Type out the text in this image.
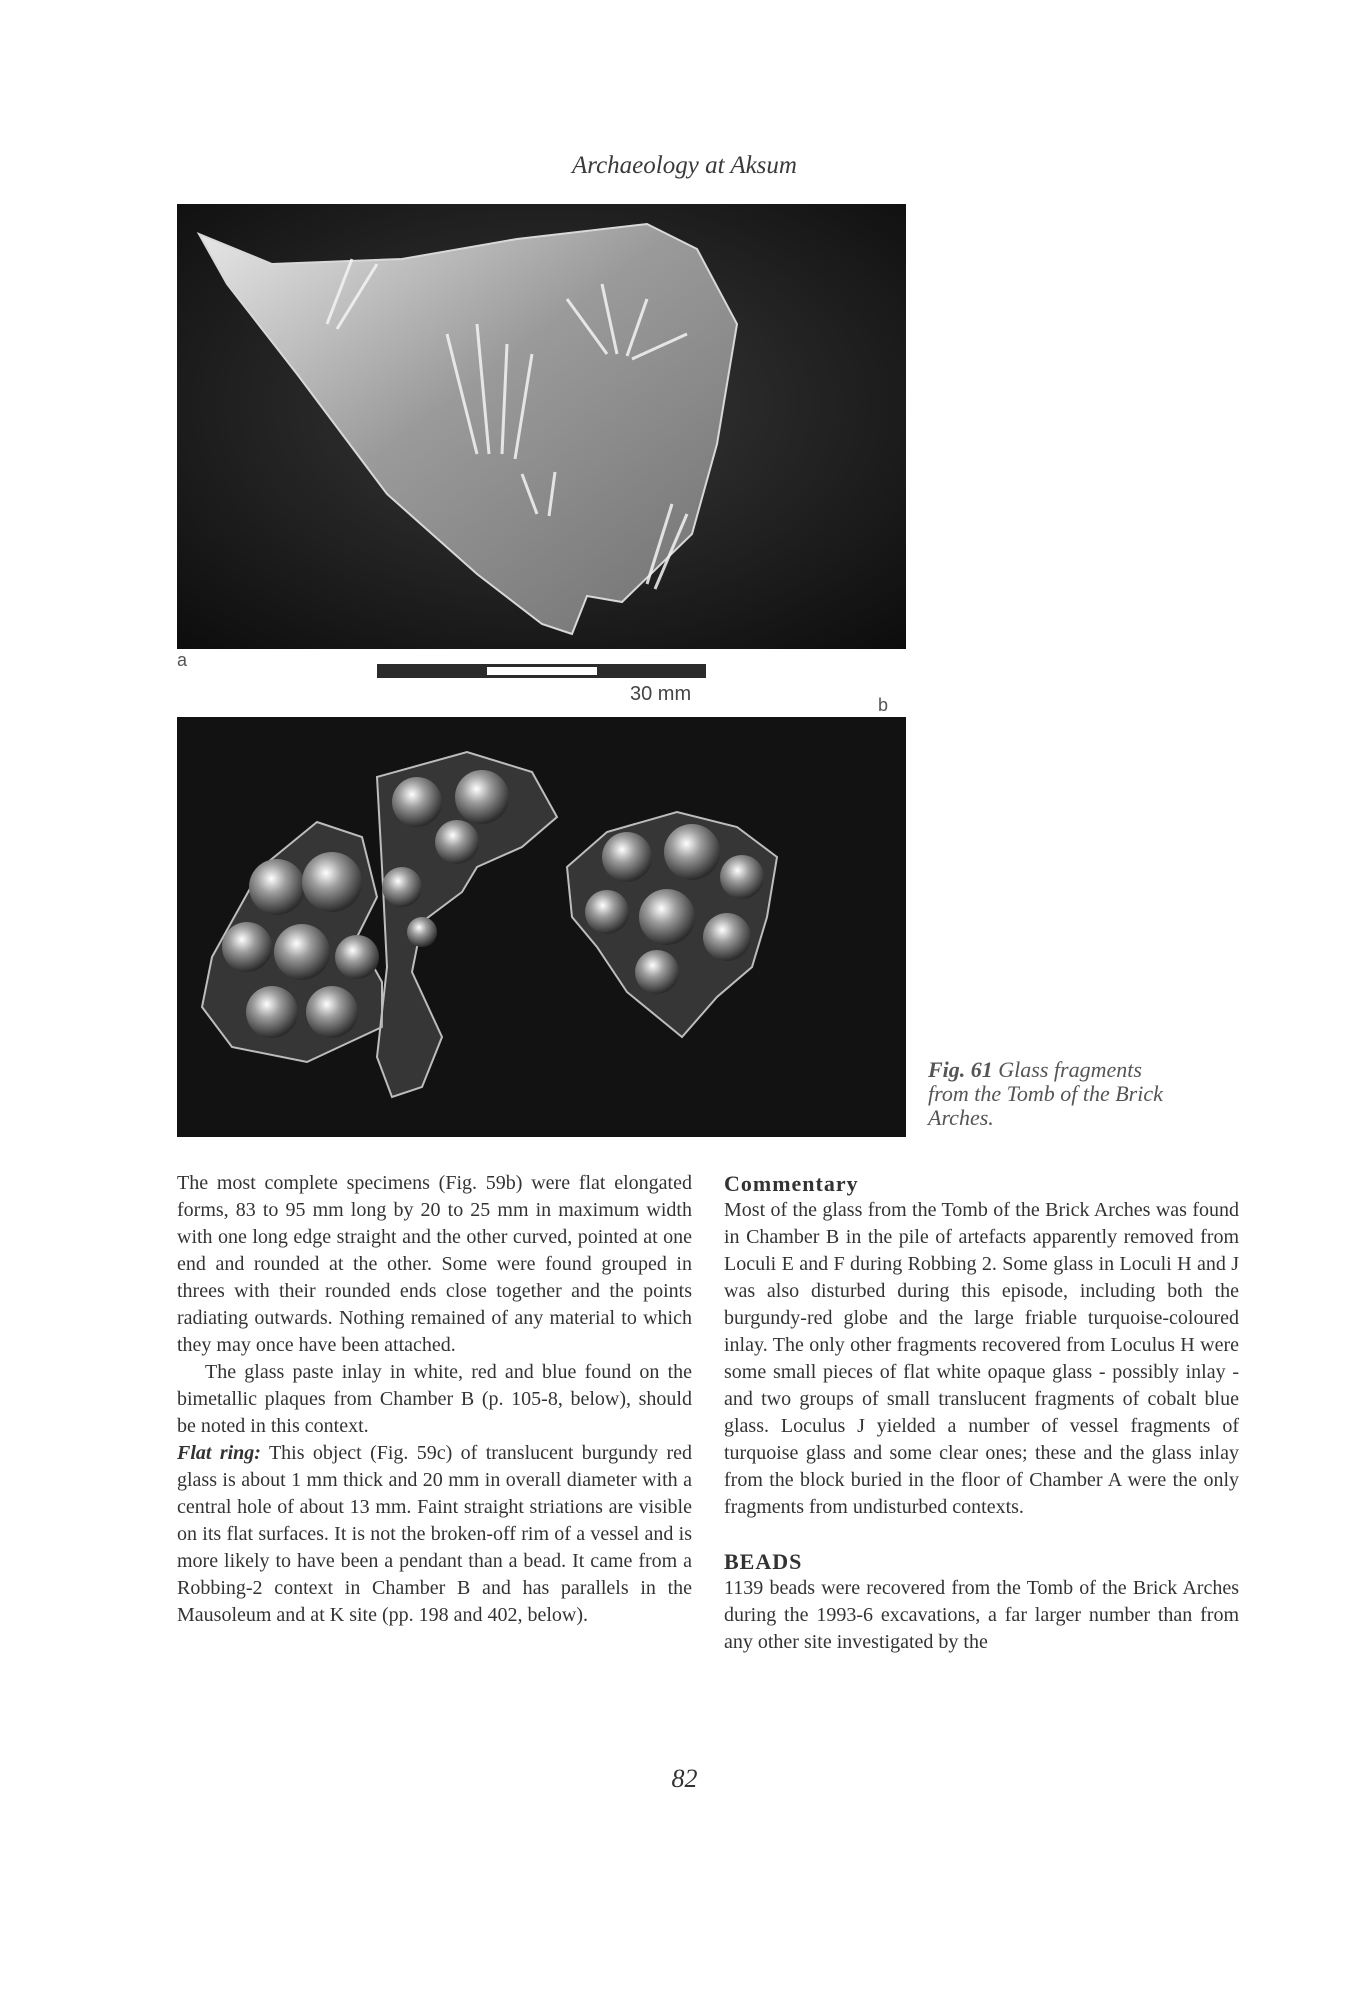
Archaeology at Aksum
a
30 mm	b
Fig. 61 Glass fragments from the Tomb of the Brick Arches.

The most complete specimens (Fig. 59b) were flat elongated forms, 83 to 95 mm long by 20 to 25 mm in maximum width with one long edge straight and the other curved, pointed at one end and rounded at the other. Some were found grouped in threes with their rounded ends close together and the points radiating outwards. Nothing remained of any material to which they may once have been attached.

The glass paste inlay in white, red and blue found on the bimetallic plaques from Chamber B (p. 105-8, below), should be noted in this context.

Flat ring: This object (Fig. 59c) of translucent burgundy red glass is about 1 mm thick and 20 mm in overall diameter with a central hole of about 13 mm. Faint straight striations are visible on its flat surfaces. It is not the broken-off rim of a vessel and is more likely to have been a pendant than a bead. It came from a Robbing-2 context in Chamber B and has parallels in the Mausoleum and at K site (pp. 198 and 402, below).

Commentary

Most of the glass from the Tomb of the Brick Arches was found in Chamber B in the pile of artefacts apparently removed from Loculi E and F during Robbing 2. Some glass in Loculi H and J was also disturbed during this episode, including both the burgundy-red globe and the large friable turquoise-coloured inlay. The only other fragments recovered from Loculus H were some small pieces of flat white opaque glass - possibly inlay - and two groups of small translucent fragments of cobalt blue glass. Loculus J yielded a number of vessel fragments of turquoise glass and some clear ones; these and the glass inlay from the block buried in the floor of Chamber A were the only fragments from undisturbed contexts.

BEADS

1139 beads were recovered from the Tomb of the Brick Arches during the 1993-6 excavations, a far larger number than from any other site investigated by the

82
